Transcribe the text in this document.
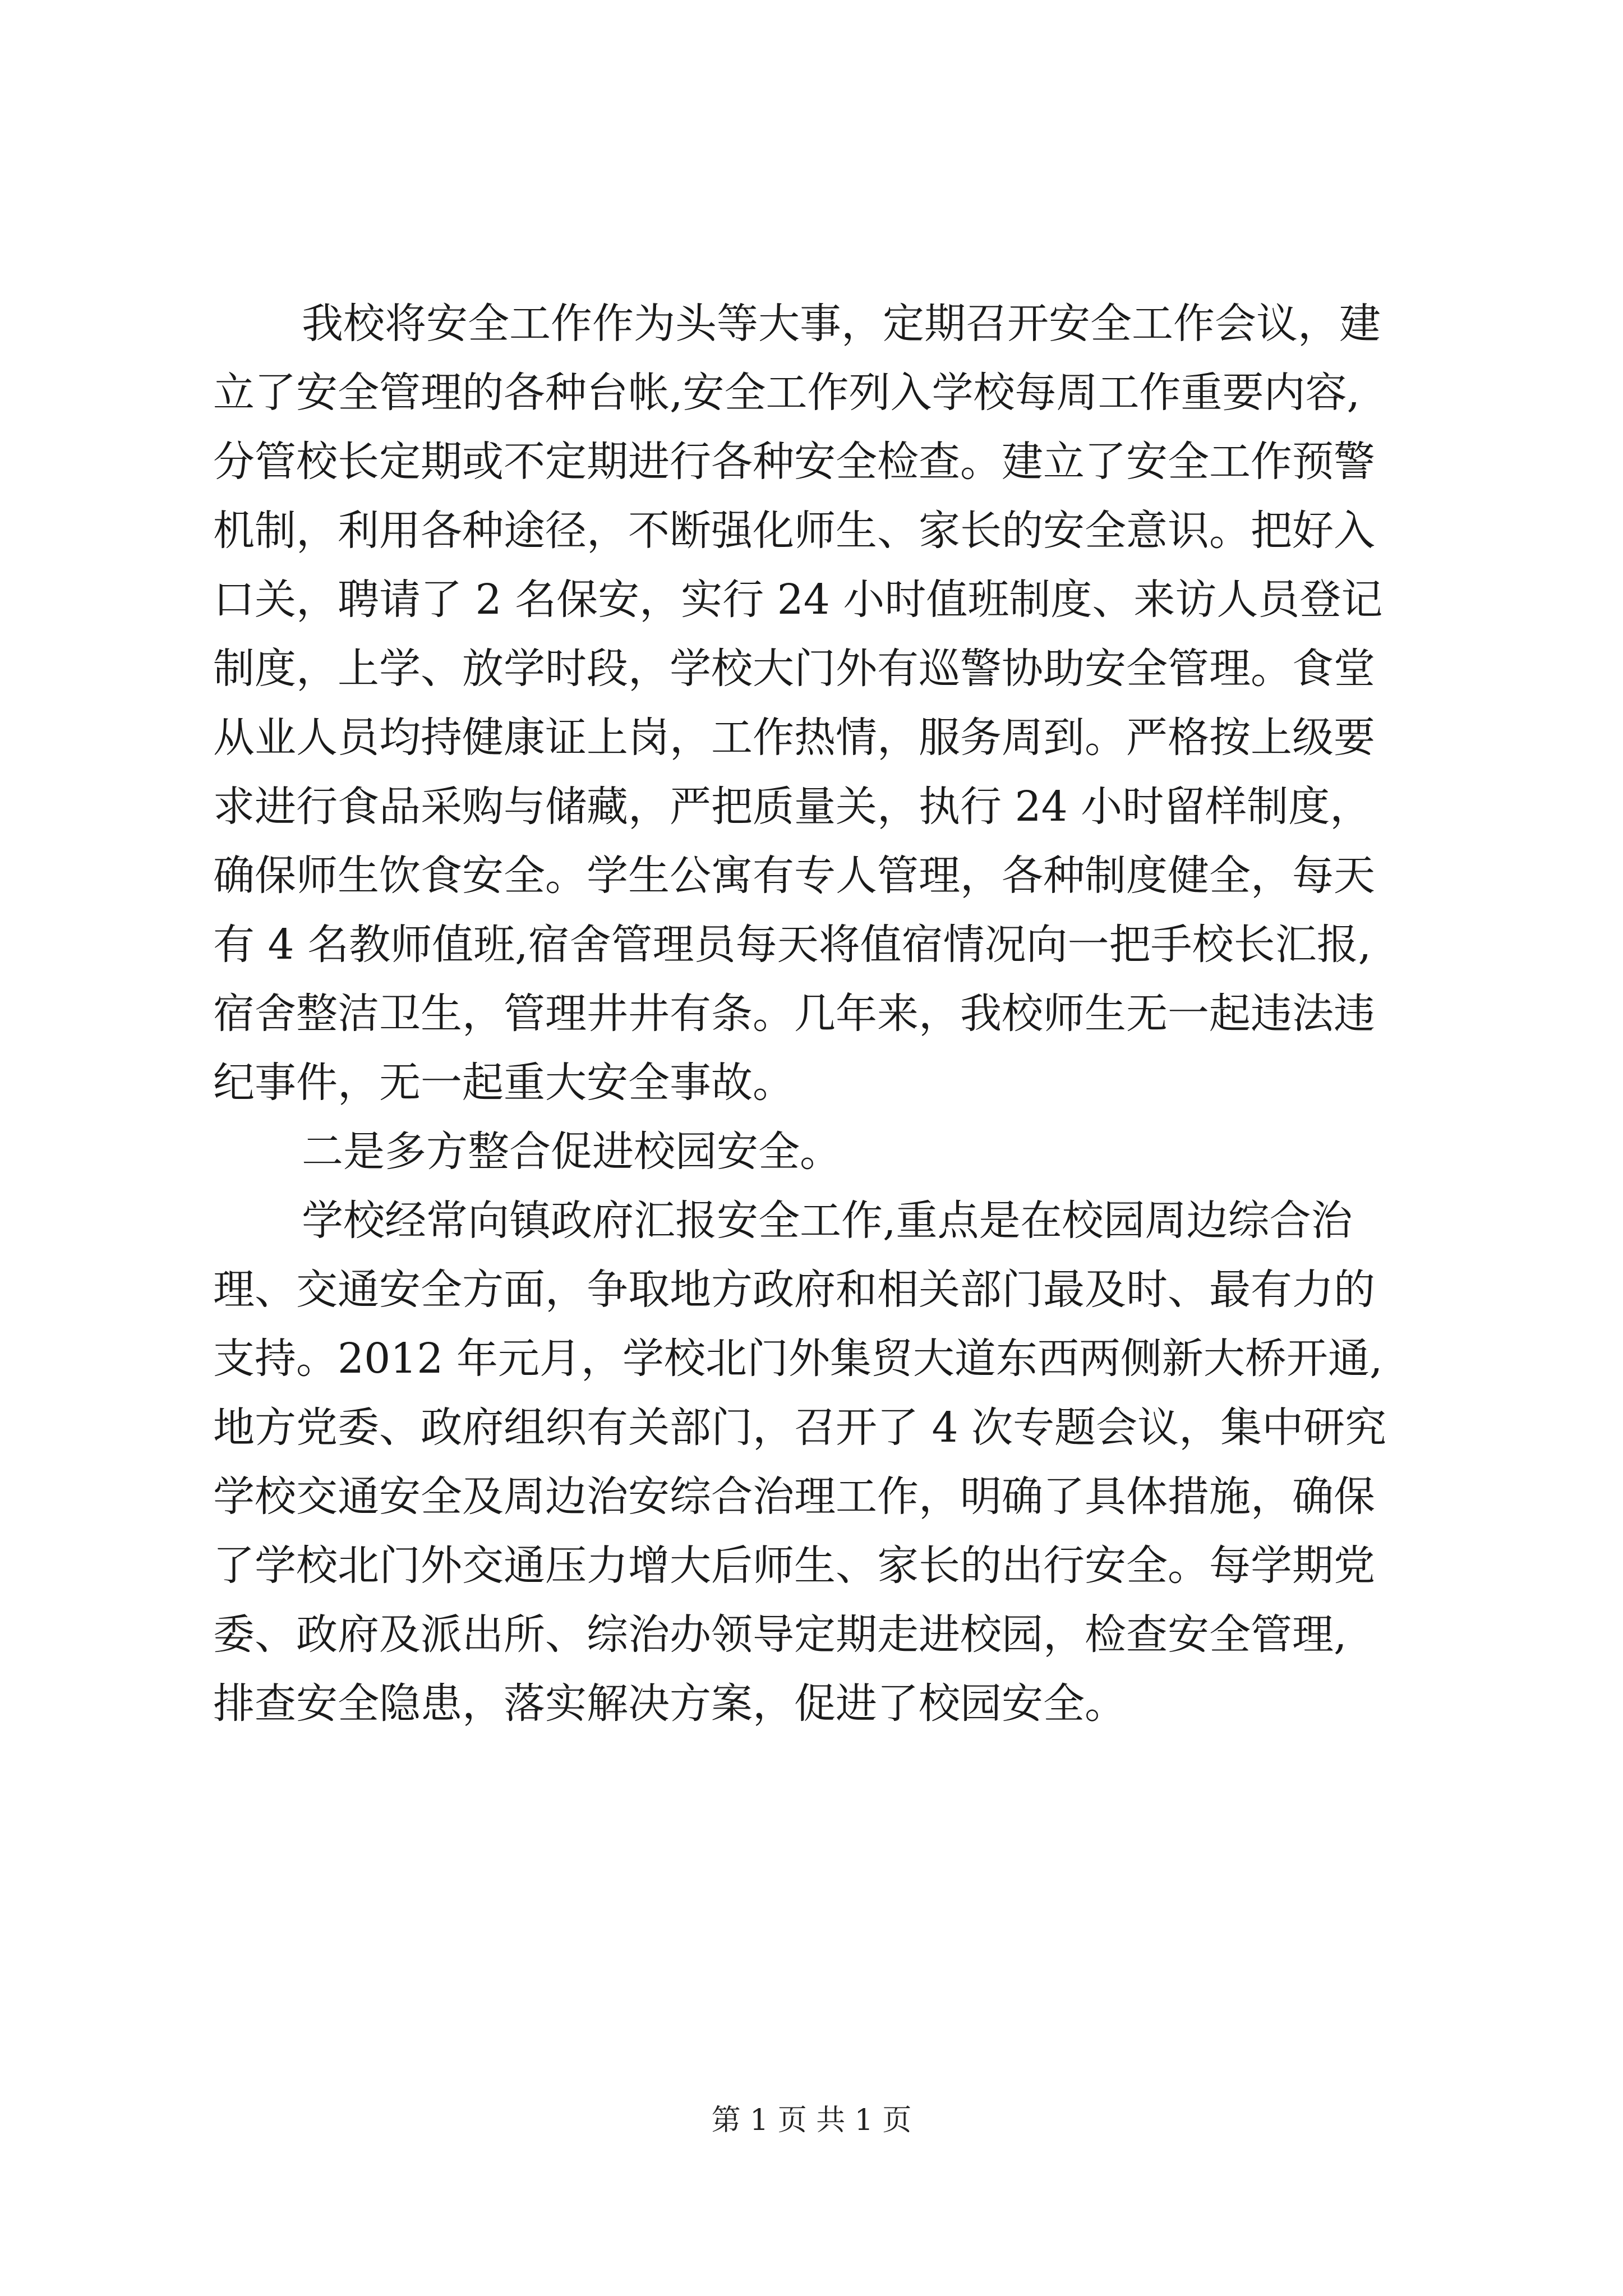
我校将安全工作作为头等大事，定期召开安全工作会议，建
立了安全管理的各种台帐,安全工作列入学校每周工作重要内容,
分管校长定期或不定期进行各种安全检查。建立了安全工作预警
机制，利用各种途径，不断强化师生、家长的安全意识。把好入
口关，聘请了 2 名保安，实行 24 小时值班制度、来访人员登记
制度，上学、放学时段，学校大门外有巡警协助安全管理。食堂
从业人员均持健康证上岗，工作热情，服务周到。严格按上级要
求进行食品采购与储藏，严把质量关，执行 24 小时留样制度，
确保师生饮食安全。学生公寓有专人管理，各种制度健全，每天
有 4 名教师值班,宿舍管理员每天将值宿情况向一把手校长汇报,
宿舍整洁卫生，管理井井有条。几年来，我校师生无一起违法违
纪事件，无一起重大安全事故。
二是多方整合促进校园安全。
学校经常向镇政府汇报安全工作,重点是在校园周边综合治
理、交通安全方面，争取地方政府和相关部门最及时、最有力的
支持。2012 年元月，学校北门外集贸大道东西两侧新大桥开通,
地方党委、政府组织有关部门，召开了 4 次专题会议，集中研究
学校交通安全及周边治安综合治理工作，明确了具体措施，确保
了学校北门外交通压力增大后师生、家长的出行安全。每学期党
委、政府及派出所、综治办领导定期走进校园，检查安全管理,
排查安全隐患，落实解决方案，促进了校园安全。
第 1 页 共 1 页
